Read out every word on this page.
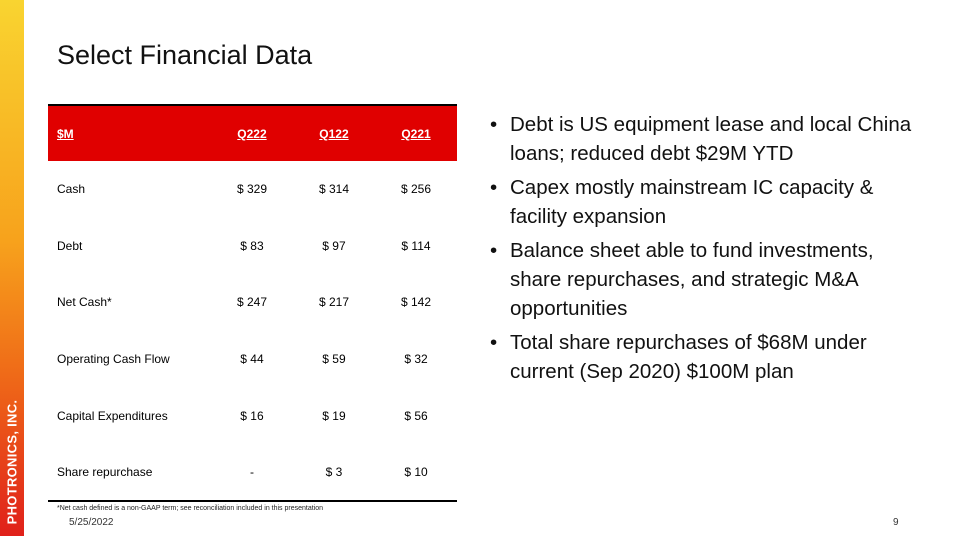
PHOTRONICS, INC.
Select Financial Data
$M	Q222	Q122	Q221
Cash	$ 329	$ 314	$ 256
Debt	$ 83	$ 97	$ 114
Net Cash*	$ 247	$ 217	$ 142
Operating Cash Flow	$ 44	$ 59	$ 32
Capital Expenditures	$ 16	$ 19	$ 56
Share repurchase	-	$ 3	$ 10
*Net cash defined is a non-GAAP term; see reconciliation included in this presentation
• Debt is US equipment lease and local China loans; reduced debt $29M YTD
• Capex mostly mainstream IC capacity & facility expansion
• Balance sheet able to fund investments, share repurchases, and strategic M&A opportunities
• Total share repurchases of $68M under current (Sep 2020) $100M plan
5/25/2022	9
